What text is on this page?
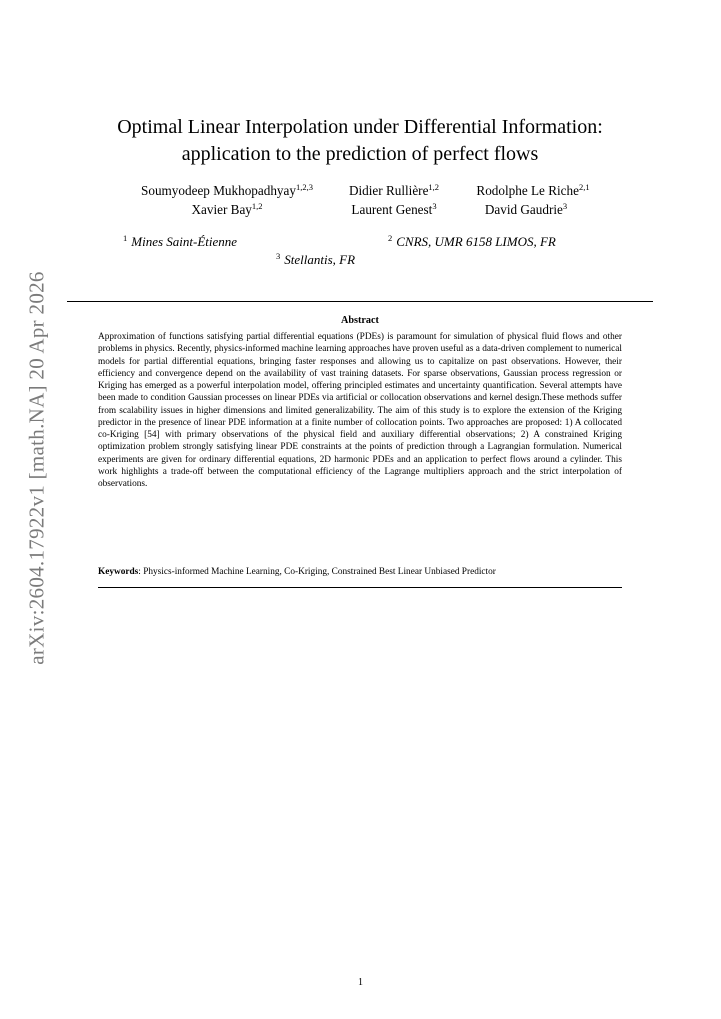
arXiv:2604.17922v1 [math.NA] 20 Apr 2026
Optimal Linear Interpolation under Differential Information:
application to the prediction of perfect flows
Soumyodeep Mukhopadhyay$^{1,2,3}$	Didier Rullière$^{1,2}$	Rodolphe Le Riche$^{2,1}$
Xavier Bay$^{1,2}$	Laurent Genest$^3$	David Gaudrie$^3$
$^1$ Mines Saint-Étienne	$^2$ CNRS, UMR 6158 LIMOS, FR
$^3$ Stellantis, FR
Abstract

Approximation of functions satisfying partial differential equations (PDEs) is paramount for simulation of physical fluid flows and other problems in physics. Recently, physics-informed machine learning approaches have proven useful as a data-driven complement to numerical models for partial differential equations, bringing faster responses and allowing us to capitalize on past observations. However, their efficiency and convergence depend on the availability of vast training datasets. For sparse observations, Gaussian process regression or Kriging has emerged as a powerful interpolation model, offering principled estimates and uncertainty quantification. Several attempts have been made to condition Gaussian processes on linear PDEs via artificial or collocation observations and kernel design.These methods suffer from scalability issues in higher dimensions and limited generalizability. The aim of this study is to explore the extension of the Kriging predictor in the presence of linear PDE information at a finite number of collocation points. Two approaches are proposed: 1) A collocated co-Kriging [54] with primary observations of the physical field and auxiliary differential observations; 2) A constrained Kriging optimization problem strongly satisfying linear PDE constraints at the points of prediction through a Lagrangian formulation. Numerical experiments are given for ordinary differential equations, 2D harmonic PDEs and an application to perfect flows around a cylinder. This work highlights a trade-off between the computational efficiency of the Lagrange multipliers approach and the strict interpolation of observations.

Keywords: Physics-informed Machine Learning, Co-Kriging, Constrained Best Linear Unbiased Predictor
1
